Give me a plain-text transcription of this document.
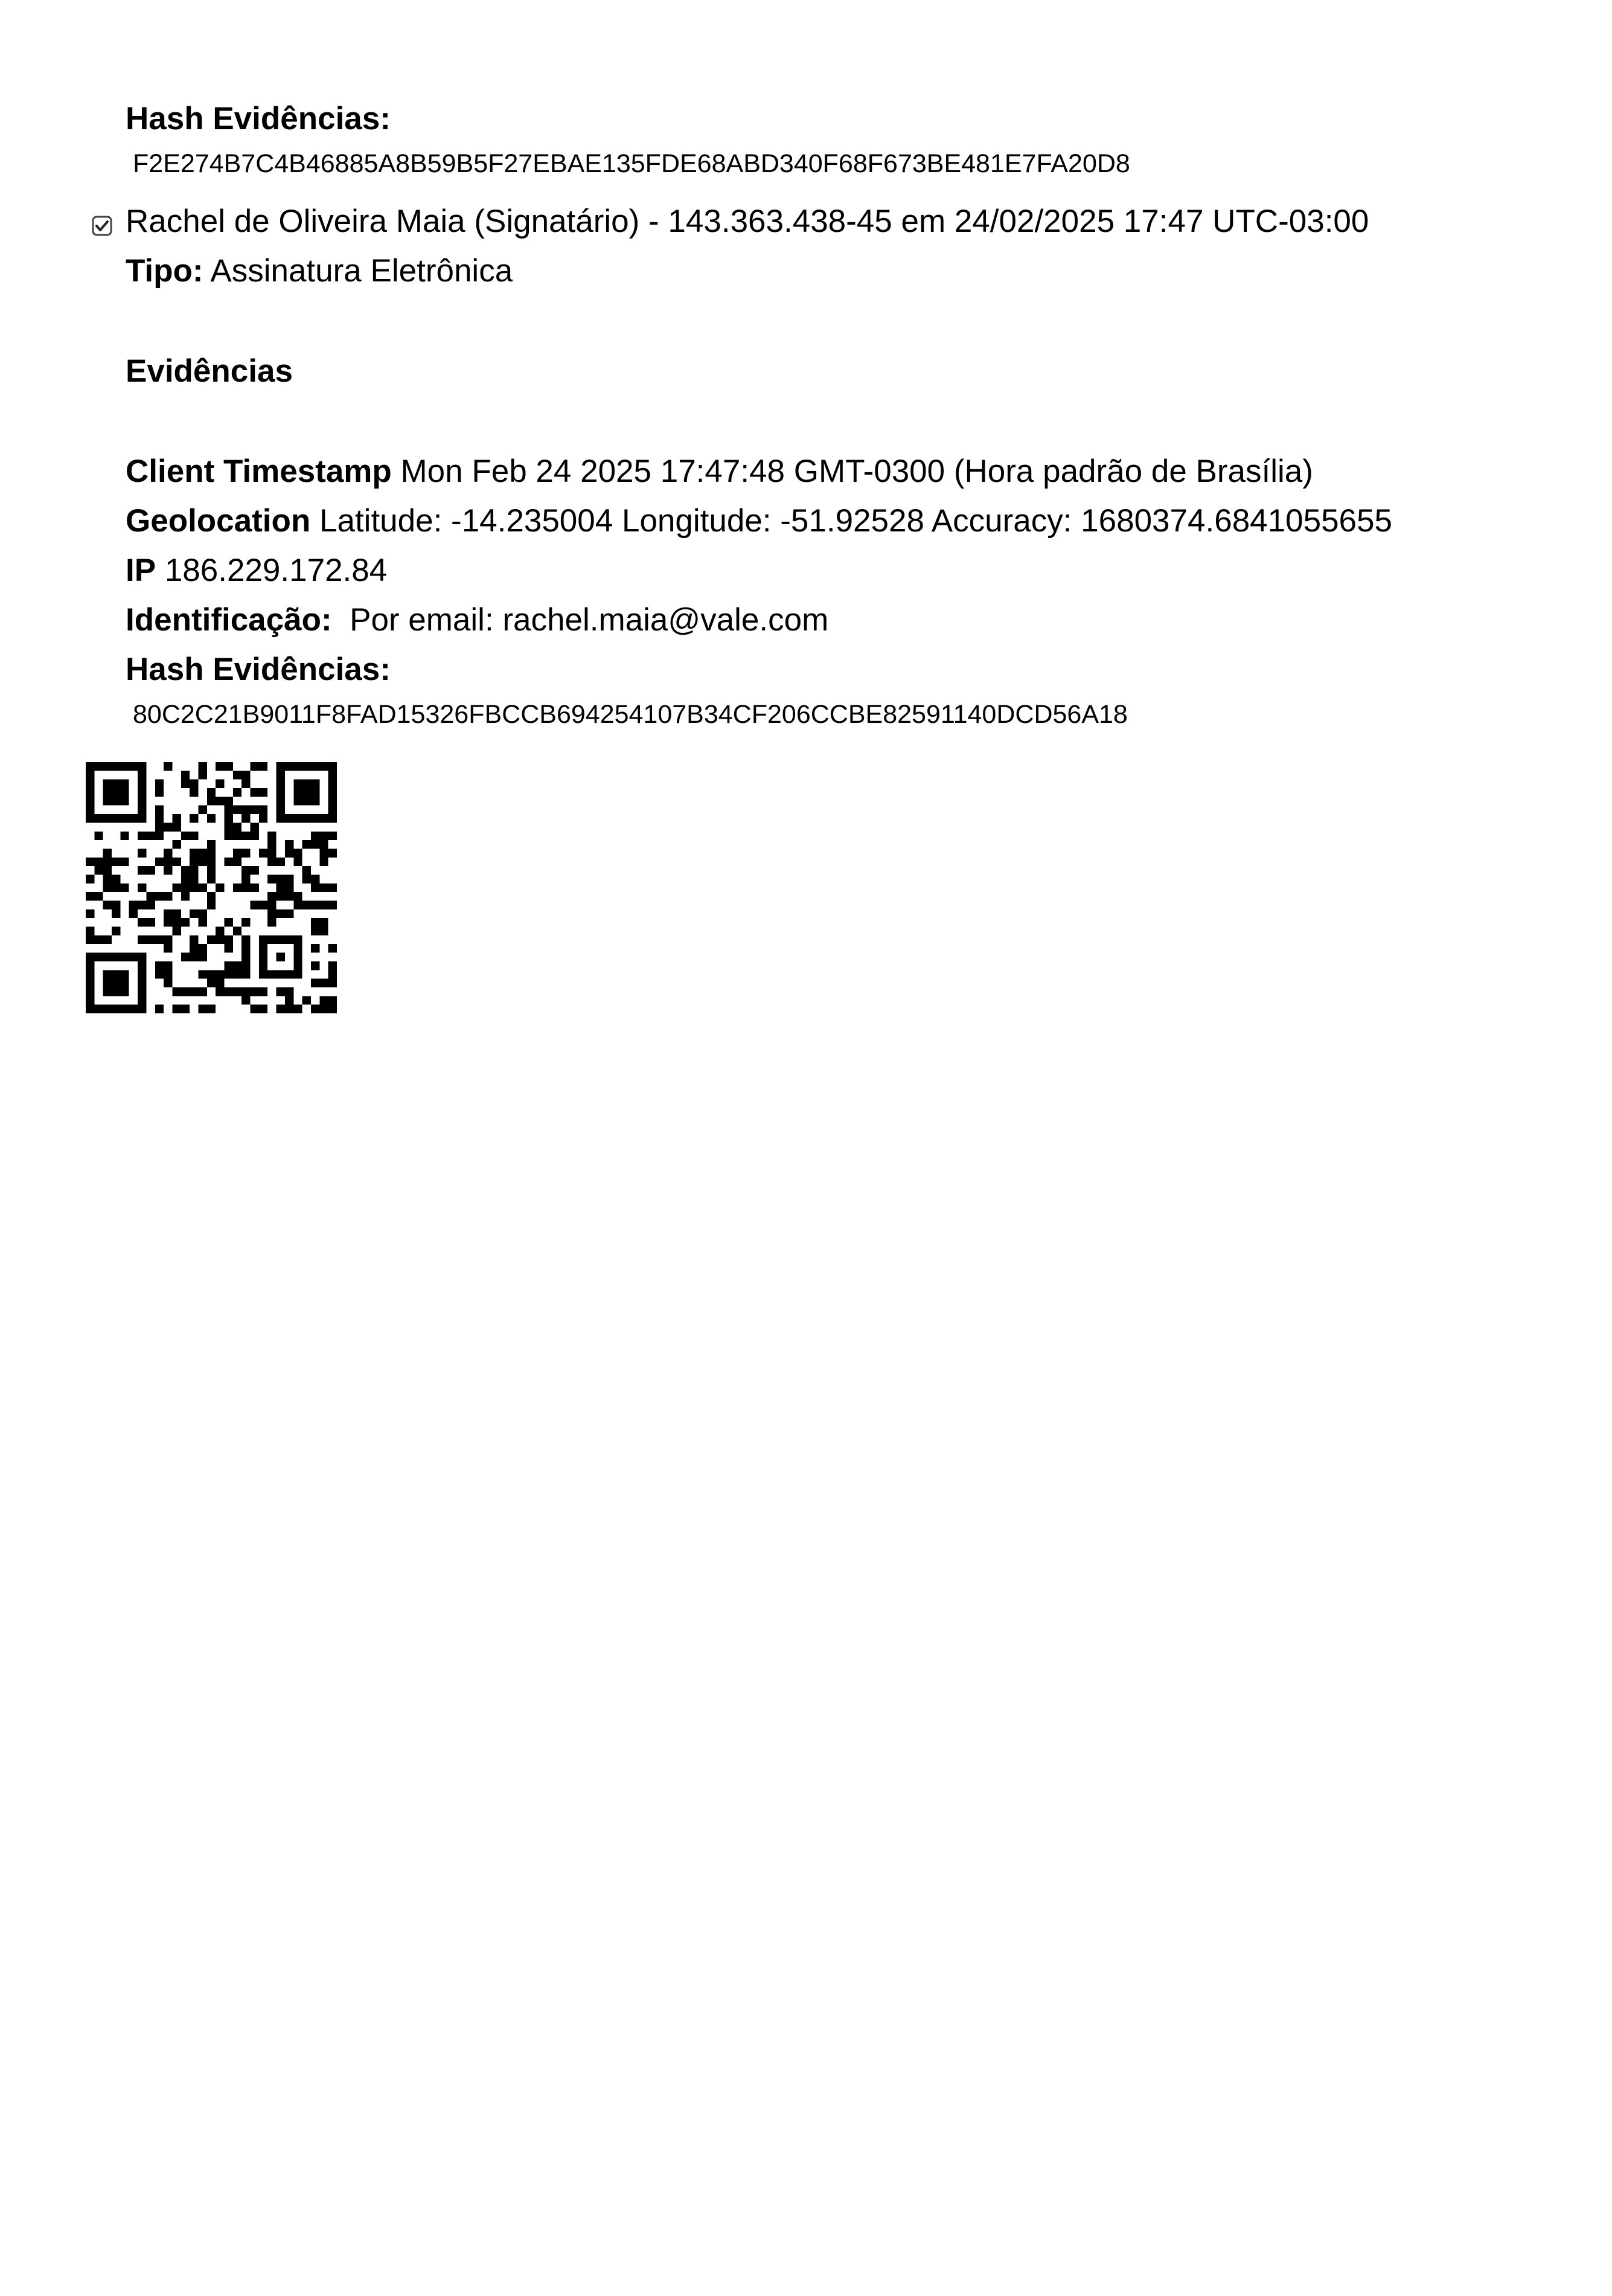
Hash Evidências:
F2E274B7C4B46885A8B59B5F27EBAE135FDE68ABD340F68F673BE481E7FA20D8
Rachel de Oliveira Maia (Signatário) - 143.363.438-45 em 24/02/2025 17:47 UTC-03:00
Tipo: Assinatura Eletrônica
Evidências
Client Timestamp Mon Feb 24 2025 17:47:48 GMT-0300 (Hora padrão de Brasília)
Geolocation Latitude: -14.235004 Longitude: -51.92528 Accuracy: 1680374.6841055655
IP 186.229.172.84
Identificação: Por email: rachel.maia@vale.com
Hash Evidências:
80C2C21B9011F8FAD15326FBCCB694254107B34CF206CCBE82591140DCD56A18
